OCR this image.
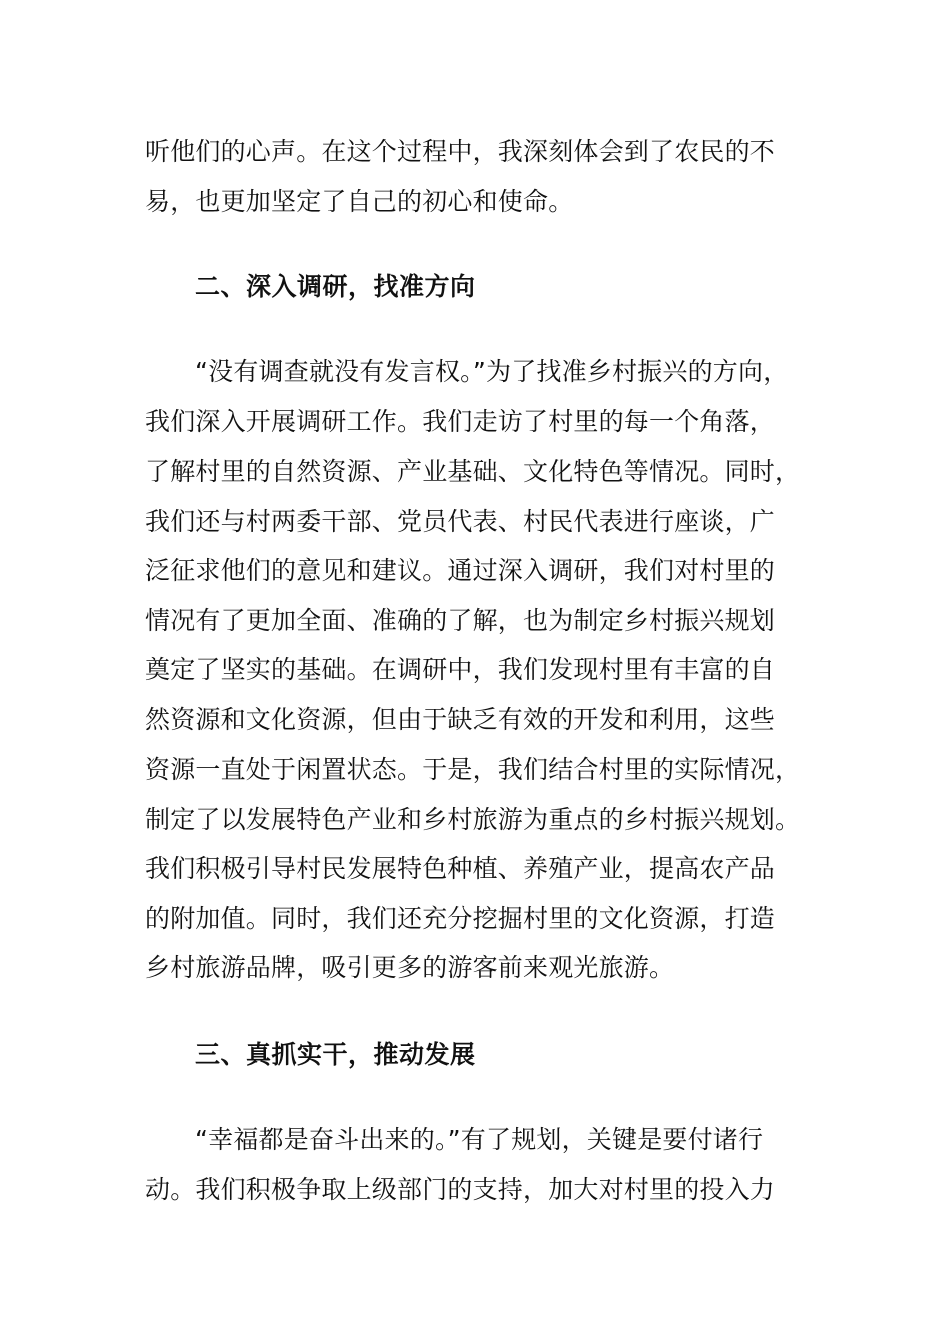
听他们的心声。在这个过程中，我深刻体会到了农民的不
易，也更加坚定了自己的初心和使命。
二、深入调研，找准方向
“没有调查就没有发言权。”为了找准乡村振兴的方向，
我们深入开展调研工作。我们走访了村里的每一个角落，
了解村里的自然资源、产业基础、文化特色等情况。同时，
我们还与村两委干部、党员代表、村民代表进行座谈，广
泛征求他们的意见和建议。通过深入调研，我们对村里的
情况有了更加全面、准确的了解，也为制定乡村振兴规划
奠定了坚实的基础。在调研中，我们发现村里有丰富的自
然资源和文化资源，但由于缺乏有效的开发和利用，这些
资源一直处于闲置状态。于是，我们结合村里的实际情况，
制定了以发展特色产业和乡村旅游为重点的乡村振兴规划。
我们积极引导村民发展特色种植、养殖产业，提高农产品
的附加值。同时，我们还充分挖掘村里的文化资源，打造
乡村旅游品牌，吸引更多的游客前来观光旅游。
三、真抓实干，推动发展
“幸福都是奋斗出来的。”有了规划，关键是要付诸行
动。我们积极争取上级部门的支持，加大对村里的投入力
